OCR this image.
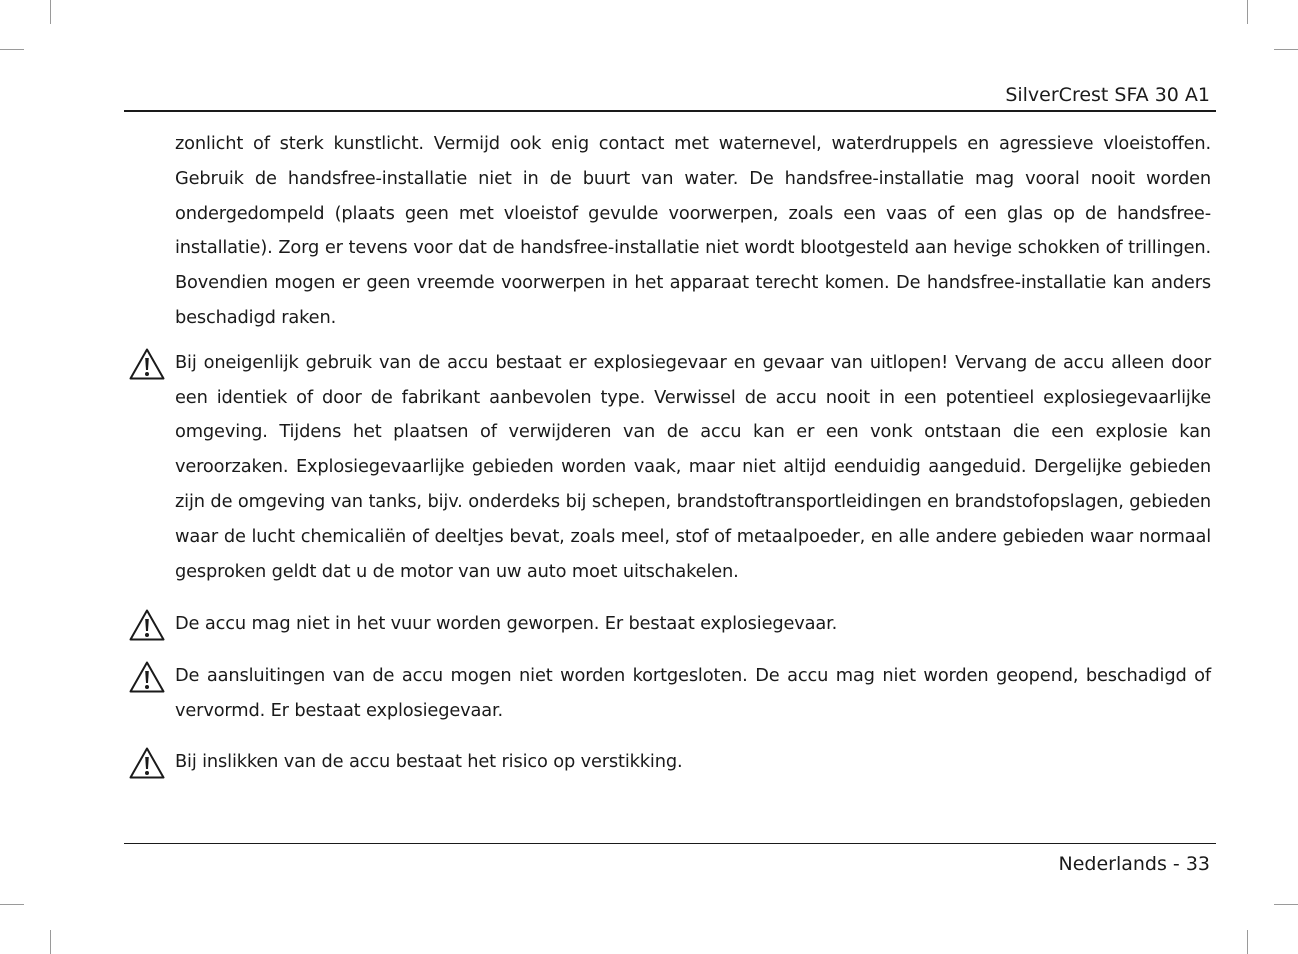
SilverCrest SFA 30 A1

zonlicht of sterk kunstlicht. Vermijd ook enig contact met waternevel, waterdruppels en agressieve vloeistoffen. Gebruik de handsfree-installatie niet in de buurt van water. De handsfree-installatie mag vooral nooit worden ondergedompeld (plaats geen met vloeistof gevulde voorwerpen, zoals een vaas of een glas op de handsfree-installatie). Zorg er tevens voor dat de handsfree-installatie niet wordt blootgesteld aan hevige schokken of trillingen. Bovendien mogen er geen vreemde voorwerpen in het apparaat terecht komen. De handsfree-installatie kan anders beschadigd raken.

Bij oneigenlijk gebruik van de accu bestaat er explosiegevaar en gevaar van uitlopen! Vervang de accu alleen door een identiek of door de fabrikant aanbevolen type. Verwissel de accu nooit in een potentieel explosiegevaarlijke omgeving. Tijdens het plaatsen of verwijderen van de accu kan er een vonk ontstaan die een explosie kan veroorzaken. Explosiegevaarlijke gebieden worden vaak, maar niet altijd eenduidig aangeduid. Dergelijke gebieden zijn de omgeving van tanks, bijv. onderdeks bij schepen, brandstoftransportleidingen en brandstofopslagen, gebieden waar de lucht chemicaliën of deeltjes bevat, zoals meel, stof of metaalpoeder, en alle andere gebieden waar normaal gesproken geldt dat u de motor van uw auto moet uitschakelen.

De accu mag niet in het vuur worden geworpen. Er bestaat explosiegevaar.

De aansluitingen van de accu mogen niet worden kortgesloten. De accu mag niet worden geopend, beschadigd of vervormd. Er bestaat explosiegevaar.

Bij inslikken van de accu bestaat het risico op verstikking.

Nederlands - 33
